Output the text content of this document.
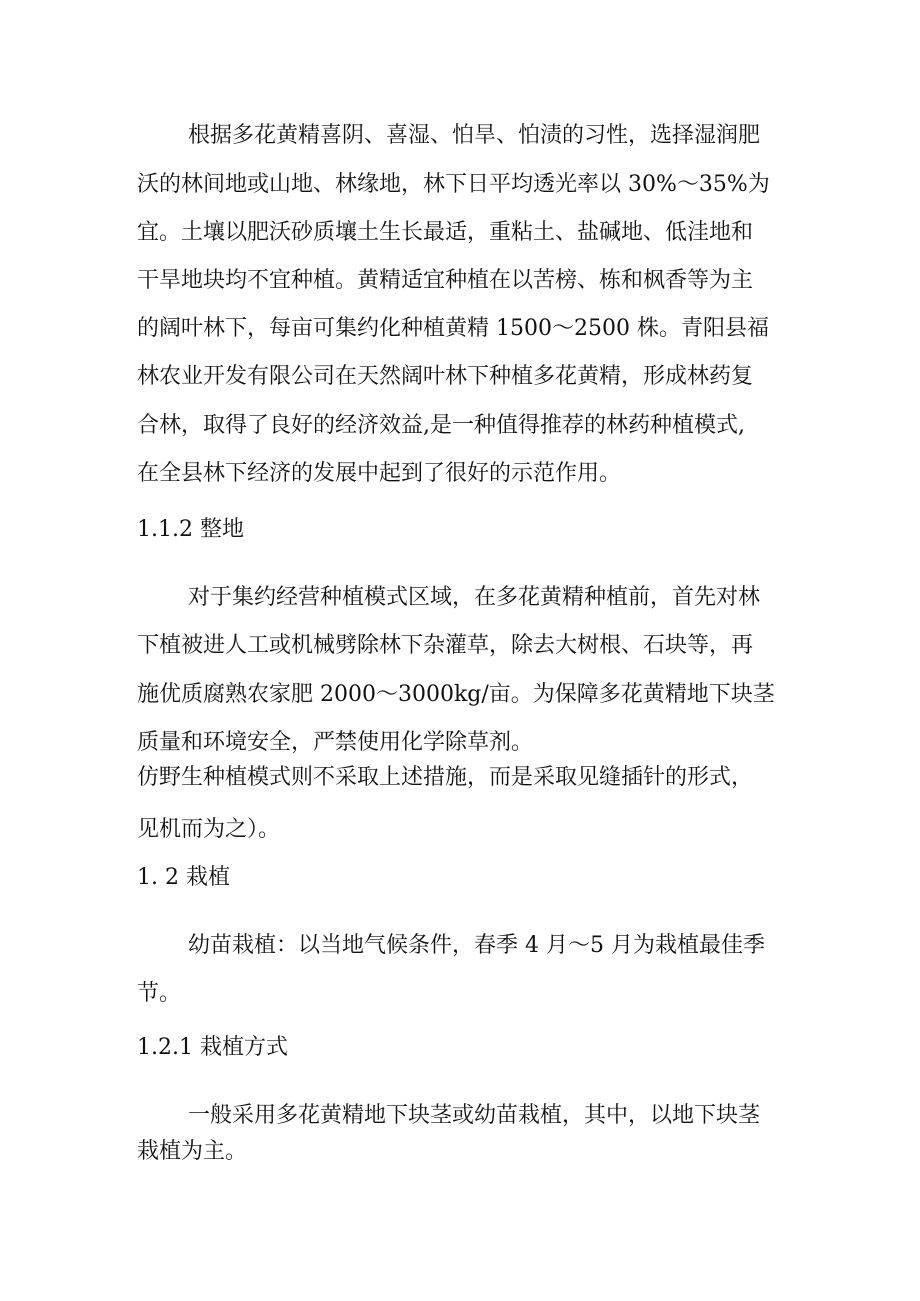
根据多花黄精喜阴、喜湿、怕旱、怕渍的习性，选择湿润肥
沃的林间地或山地、林缘地，林下日平均透光率以 30%～35%为
宜。土壤以肥沃砂质壤土生长最适，重粘土、盐碱地、低洼地和
干旱地块均不宜种植。黄精适宜种植在以苦榜、栋和枫香等为主
的阔叶林下，每亩可集约化种植黄精 1500～2500 株。青阳县福
林农业开发有限公司在天然阔叶林下种植多花黄精，形成林药复
合林，取得了良好的经济效益,是一种值得推荐的林药种植模式,
在全县林下经济的发展中起到了很好的示范作用。
1.1.2 整地
对于集约经营种植模式区域，在多花黄精种植前，首先对林
下植被进人工或机械劈除林下杂灌草，除去大树根、石块等，再
施优质腐熟农家肥 2000～3000kg/亩。为保障多花黄精地下块茎
质量和环境安全，严禁使用化学除草剂。
仿野生种植模式则不采取上述措施，而是采取见缝插针的形式，
见机而为之）。
1. 2 栽植
幼苗栽植：以当地气候条件，春季 4 月～5 月为栽植最佳季
节。
1.2.1 栽植方式
一般采用多花黄精地下块茎或幼苗栽植，其中，以地下块茎
栽植为主。
